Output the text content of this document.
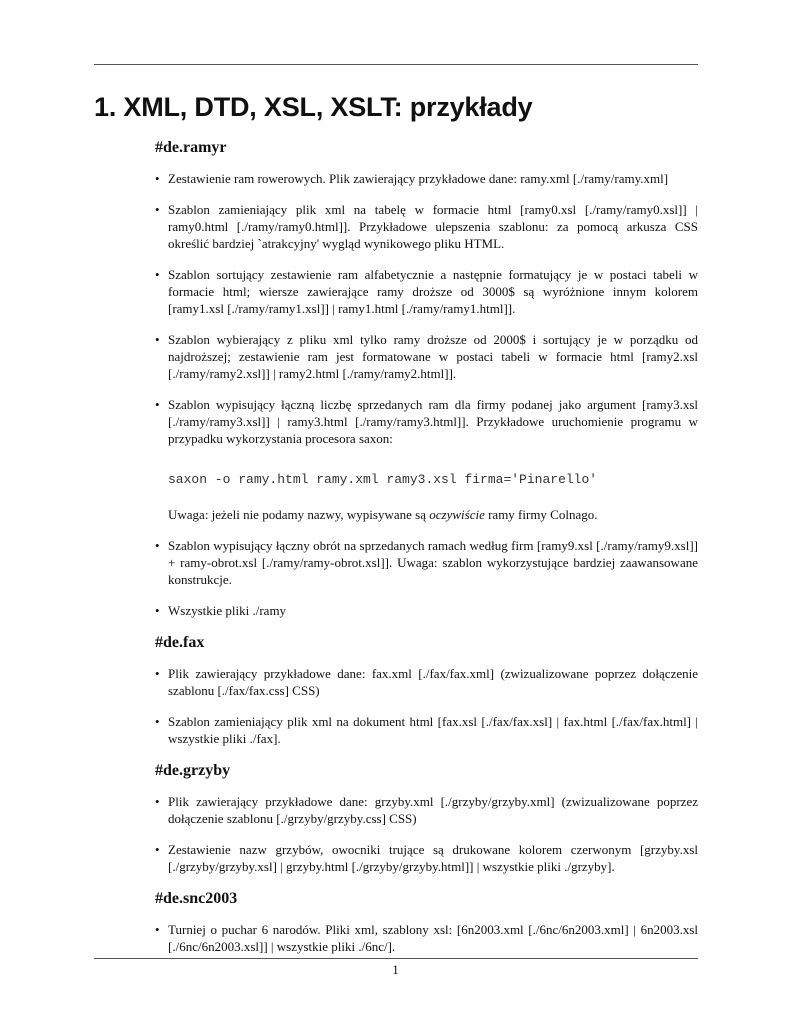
1. XML, DTD, XSL, XSLT: przykłady
#de.ramyr
• Zestawienie ram rowerowych. Plik zawierający przykładowe dane: ramy.xml [./ramy/ramy.xml]
• Szablon zamieniający plik xml na tabelę w formacie html [ramy0.xsl [./ramy/ramy0.xsl]] | ramy0.html [./ramy/ramy0.html]]. Przykładowe ulepszenia szablonu: za pomocą arkusza CSS określić bardziej `atrakcyjny' wygląd wynikowego pliku HTML.
• Szablon sortujący zestawienie ram alfabetycznie a następnie formatujący je w postaci tabeli w formacie html; wiersze zawierające ramy droższe od 3000$ są wyróżnione innym kolorem [ramy1.xsl [./ramy/ramy1.xsl]] | ramy1.html [./ramy/ramy1.html]].
• Szablon wybierający z pliku xml tylko ramy droższe od 2000$ i sortujący je w porządku od najdroższej; zestawienie ram jest formatowane w postaci tabeli w formacie html [ramy2.xsl [./ramy/ramy2.xsl]] | ramy2.html [./ramy/ramy2.html]].
• Szablon wypisujący łączną liczbę sprzedanych ram dla firmy podanej jako argument [ramy3.xsl [./ramy/ramy3.xsl]] | ramy3.html [./ramy/ramy3.html]]. Przykładowe uruchomienie programu w przypadku wykorzystania procesora saxon:
saxon -o ramy.html ramy.xml ramy3.xsl firma='Pinarello'
Uwaga: jeżeli nie podamy nazwy, wypisywane są oczywiście ramy firmy Colnago.
• Szablon wypisujący łączny obrót na sprzedanych ramach według firm [ramy9.xsl [./ramy/ramy9.xsl]] + ramy-obrot.xsl [./ramy/ramy-obrot.xsl]]. Uwaga: szablon wykorzystujące bardziej zaawansowane konstrukcje.
• Wszystkie pliki ./ramy
#de.fax
• Plik zawierający przykładowe dane: fax.xml [./fax/fax.xml] (zwizualizowane poprzez dołączenie szablonu [./fax/fax.css] CSS)
• Szablon zamieniający plik xml na dokument html [fax.xsl [./fax/fax.xsl] | fax.html [./fax/fax.html] | wszystkie pliki ./fax].
#de.grzyby
• Plik zawierający przykładowe dane: grzyby.xml [./grzyby/grzyby.xml] (zwizualizowane poprzez dołączenie szablonu [./grzyby/grzyby.css] CSS)
• Zestawienie nazw grzybów, owocniki trujące są drukowane kolorem czerwonym [grzyby.xsl [./grzyby/grzyby.xsl] | grzyby.html [./grzyby/grzyby.html]] | wszystkie pliki ./grzyby].
#de.snc2003
• Turniej o puchar 6 narodów. Pliki xml, szablony xsl: [6n2003.xml [./6nc/6n2003.xml] | 6n2003.xsl [./6nc/6n2003.xsl]] | wszystkie pliki ./6nc/].
1
